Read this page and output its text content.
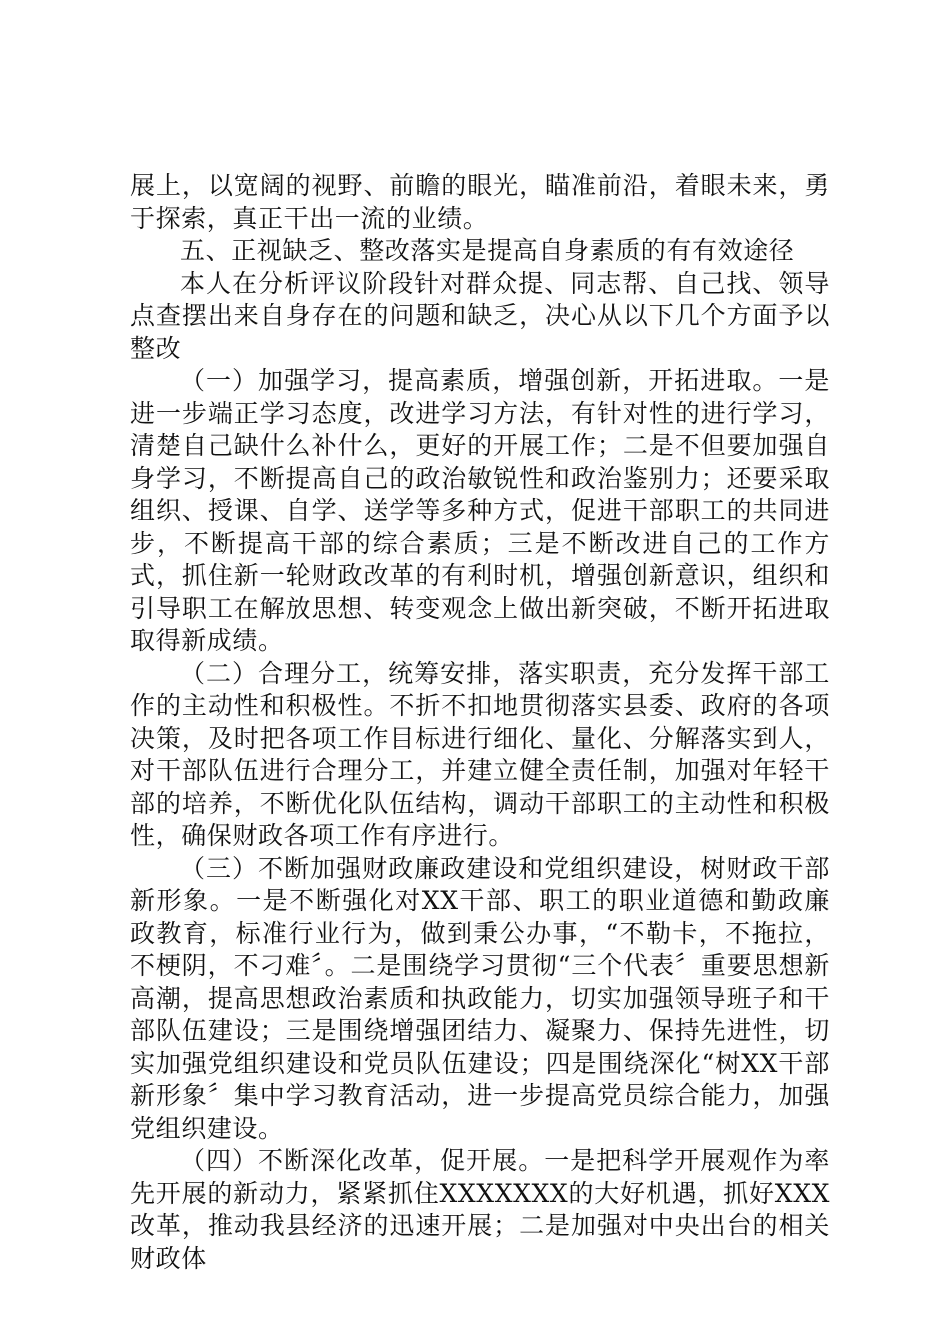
展上，以宽阔的视野、前瞻的眼光，瞄准前沿，着眼未来，勇于探索，真正干出一流的业绩。

五、正视缺乏、整改落实是提高自身素质的有有效途径

本人在分析评议阶段针对群众提、同志帮、自己找、领导点查摆出来自身存在的问题和缺乏，决心从以下几个方面予以整改

（一）加强学习，提高素质，增强创新，开拓进取。一是进一步端正学习态度，改进学习方法，有针对性的进行学习，清楚自己缺什么补什么，更好的开展工作；二是不但要加强自身学习，不断提高自己的政治敏锐性和政治鉴别力；还要采取组织、授课、自学、送学等多种方式，促进干部职工的共同进步，不断提高干部的综合素质；三是不断改进自己的工作方式，抓住新一轮财政改革的有利时机，增强创新意识，组织和引导职工在解放思想、转变观念上做出新突破，不断开拓进取取得新成绩。

（二）合理分工，统筹安排，落实职责，充分发挥干部工作的主动性和积极性。不折不扣地贯彻落实县委、政府的各项决策，及时把各项工作目标进行细化、量化、分解落实到人，对干部队伍进行合理分工，并建立健全责任制，加强对年轻干部的培养，不断优化队伍结构，调动干部职工的主动性和积极性，确保财政各项工作有序进行。

（三）不断加强财政廉政建设和党组织建设，树财政干部新形象。一是不断强化对XX干部、职工的职业道德和勤政廉政教育，标准行业行为，做到秉公办事，“不勒卡，不拖拉，不梗阴，不刁难〞。二是围绕学习贯彻“三个代表〞重要思想新高潮，提高思想政治素质和执政能力，切实加强领导班子和干部队伍建设；三是围绕增强团结力、凝聚力、保持先进性，切实加强党组织建设和党员队伍建设；四是围绕深化“树XX干部新形象〞集中学习教育活动，进一步提高党员综合能力，加强党组织建设。

（四）不断深化改革，促开展。一是把科学开展观作为率先开展的新动力，紧紧抓住XXXXXXX的大好机遇，抓好XXX改革，推动我县经济的迅速开展；二是加强对中央出台的相关财政体
